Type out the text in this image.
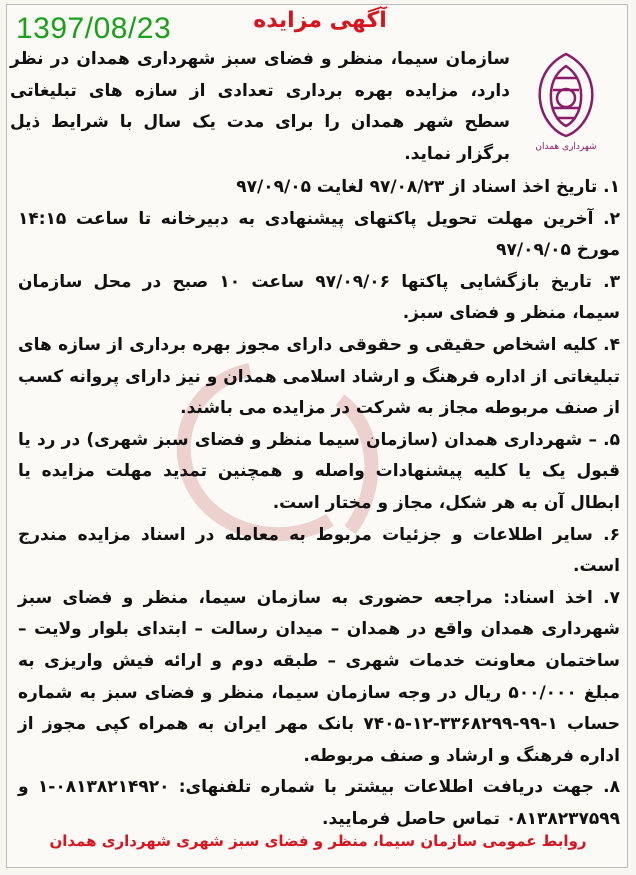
1397/08/23	آگهی مزایده
شهرداری همدان
سازمان سیما، منظر و فضای سبز شهرداری همدان در نظر دارد، مزایده بهره برداری تعدادی از سازه های تبلیغاتی سطح شهر همدان را برای مدت یک سال با شرایط ذیل برگزار نماید.

۱. تاریخ اخذ اسناد از ۹۷/۰۸/۲۳ لغایت ۹۷/۰۹/۰۵

۲. آخرین مهلت تحویل پاکتهای پیشنهادی به دبیرخانه تا ساعت ۱۴:۱۵ مورخ ۹۷/۰۹/۰۵

۳. تاریخ بازگشایی پاکتها ۹۷/۰۹/۰۶ ساعت ۱۰ صبح در محل سازمان سیما، منظر و فضای سبز.

۴. کلیه اشخاص حقیقی و حقوقی دارای مجوز بهره برداری از سازه های تبلیغاتی از اداره فرهنگ و ارشاد اسلامی همدان و نیز دارای پروانه کسب از صنف مربوطه مجاز به شرکت در مزایده می باشند.

۵. – شهرداری همدان (سازمان سیما منظر و فضای سبز شهری) در رد یا قبول یک یا کلیه پیشنهادات واصله و همچنین تمدید مهلت مزایده یا ابطال آن به هر شکل، مجاز و مختار است.

۶. سایر اطلاعات و جزئیات مربوط به معامله در اسناد مزایده مندرج است.

۷. اخذ اسناد: مراجعه حضوری به سازمان سیما، منظر و فضای سبز شهرداری همدان واقع در همدان – میدان رسالت – ابتدای بلوار ولایت – ساختمان معاونت خدمات شهری – طبقه دوم و ارائه فیش واریزی به مبلغ ۵۰۰/۰۰۰ ریال در وجه سازمان سیما، منظر و فضای سبز به شماره حساب ۱-۹۹-۳۳۶۸۲۹۹-۱۲-۷۴۰۵ بانک مهر ایران به همراه کپی مجوز از اداره فرهنگ و ارشاد و صنف مربوطه.

۸. جهت دریافت اطلاعات بیشتر با شماره تلفنهای: ۰۸۱۳۸۲۱۴۹۲۰-۱ و ۰۸۱۳۸۲۳۷۵۹۹ تماس حاصل فرمایید.

روابط عمومی سازمان سیما، منظر و فضای سبز شهری شهرداری همدان
